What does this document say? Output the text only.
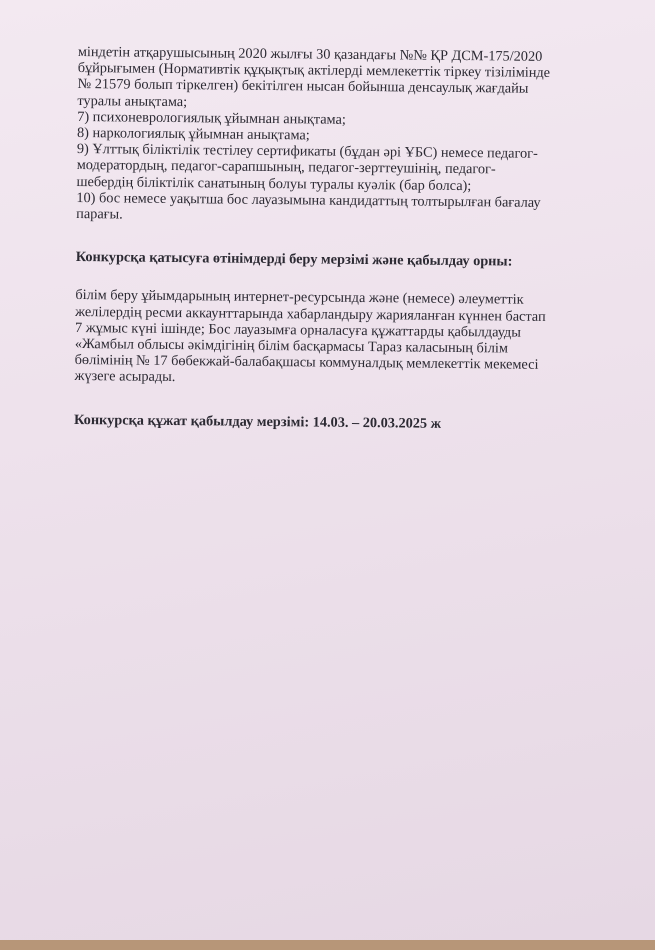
міндетін атқарушысының 2020 жылғы 30 қазандағы №№ ҚР ДСМ-175/2020
бұйрығымен (Нормативтік құқықтық актілерді мемлекеттік тіркеу тізілімінде
№ 21579 болып тіркелген) бекітілген нысан бойынша денсаулық жағдайы
туралы анықтама;
7) психоневрологиялық ұйымнан анықтама;
8) наркологиялық ұйымнан анықтама;
9) Ұлттық біліктілік тестілеу сертификаты (бұдан әрі ҰБС) немесе педагог-
модератордың, педагог-сарапшының, педагог-зерттеушінің, педагог-
шебердің біліктілік санатының болуы туралы куәлік (бар болса);
10) бос немесе уақытша бос лауазымына кандидаттың толтырылған бағалау
парағы.
Конкурсқа қатысуға өтінімдерді беру мерзімі және қабылдау орны:
білім беру ұйымдарының интернет-ресурсында және (немесе) әлеуметтік
желілердің ресми аккаунттарында хабарландыру жарияланған күннен бастап
7 жұмыс күні ішінде; Бос лауазымға орналасуға құжаттарды қабылдауды
«Жамбыл облысы әкімдігінің білім басқармасы Тараз каласының білім
бөлімінің № 17 бөбекжай-балабақшасы коммуналдық мемлекеттік мекемесі
жүзеге асырады.
Конкурсқа құжат қабылдау мерзімі: 14.03. – 20.03.2025 ж
